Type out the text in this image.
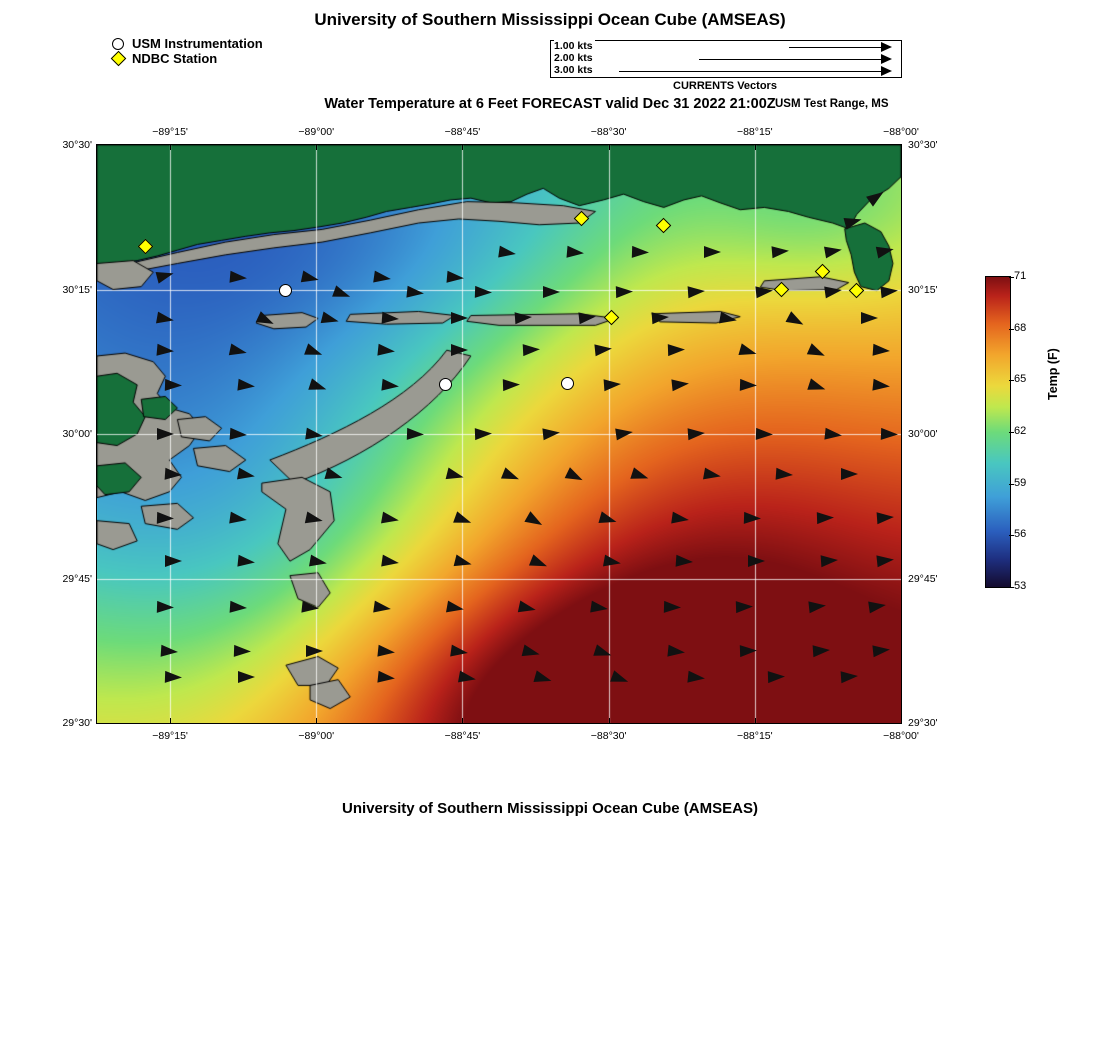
University of Southern Mississippi Ocean Cube (AMSEAS)
USM Instrumentation
NDBC Station
1.00 kts
2.00 kts
3.00 kts
CURRENTS Vectors
Water Temperature at 6 Feet FORECAST valid Dec 31 2022 21:00Z USM Test Range, MS
−89°15'
−89°15'
−89°00'
−89°00'
−88°45'
−88°45'
−88°30'
−88°30'
−88°15'
−88°15'
−88°00'
−88°00'
30°30'	30°30'
30°15'	30°15'
30°00'	30°00'
29°45'	29°45'
29°30'	29°30'
71
68
65
62
59
56
53
Temp (F)
University of Southern Mississippi Ocean Cube (AMSEAS)
